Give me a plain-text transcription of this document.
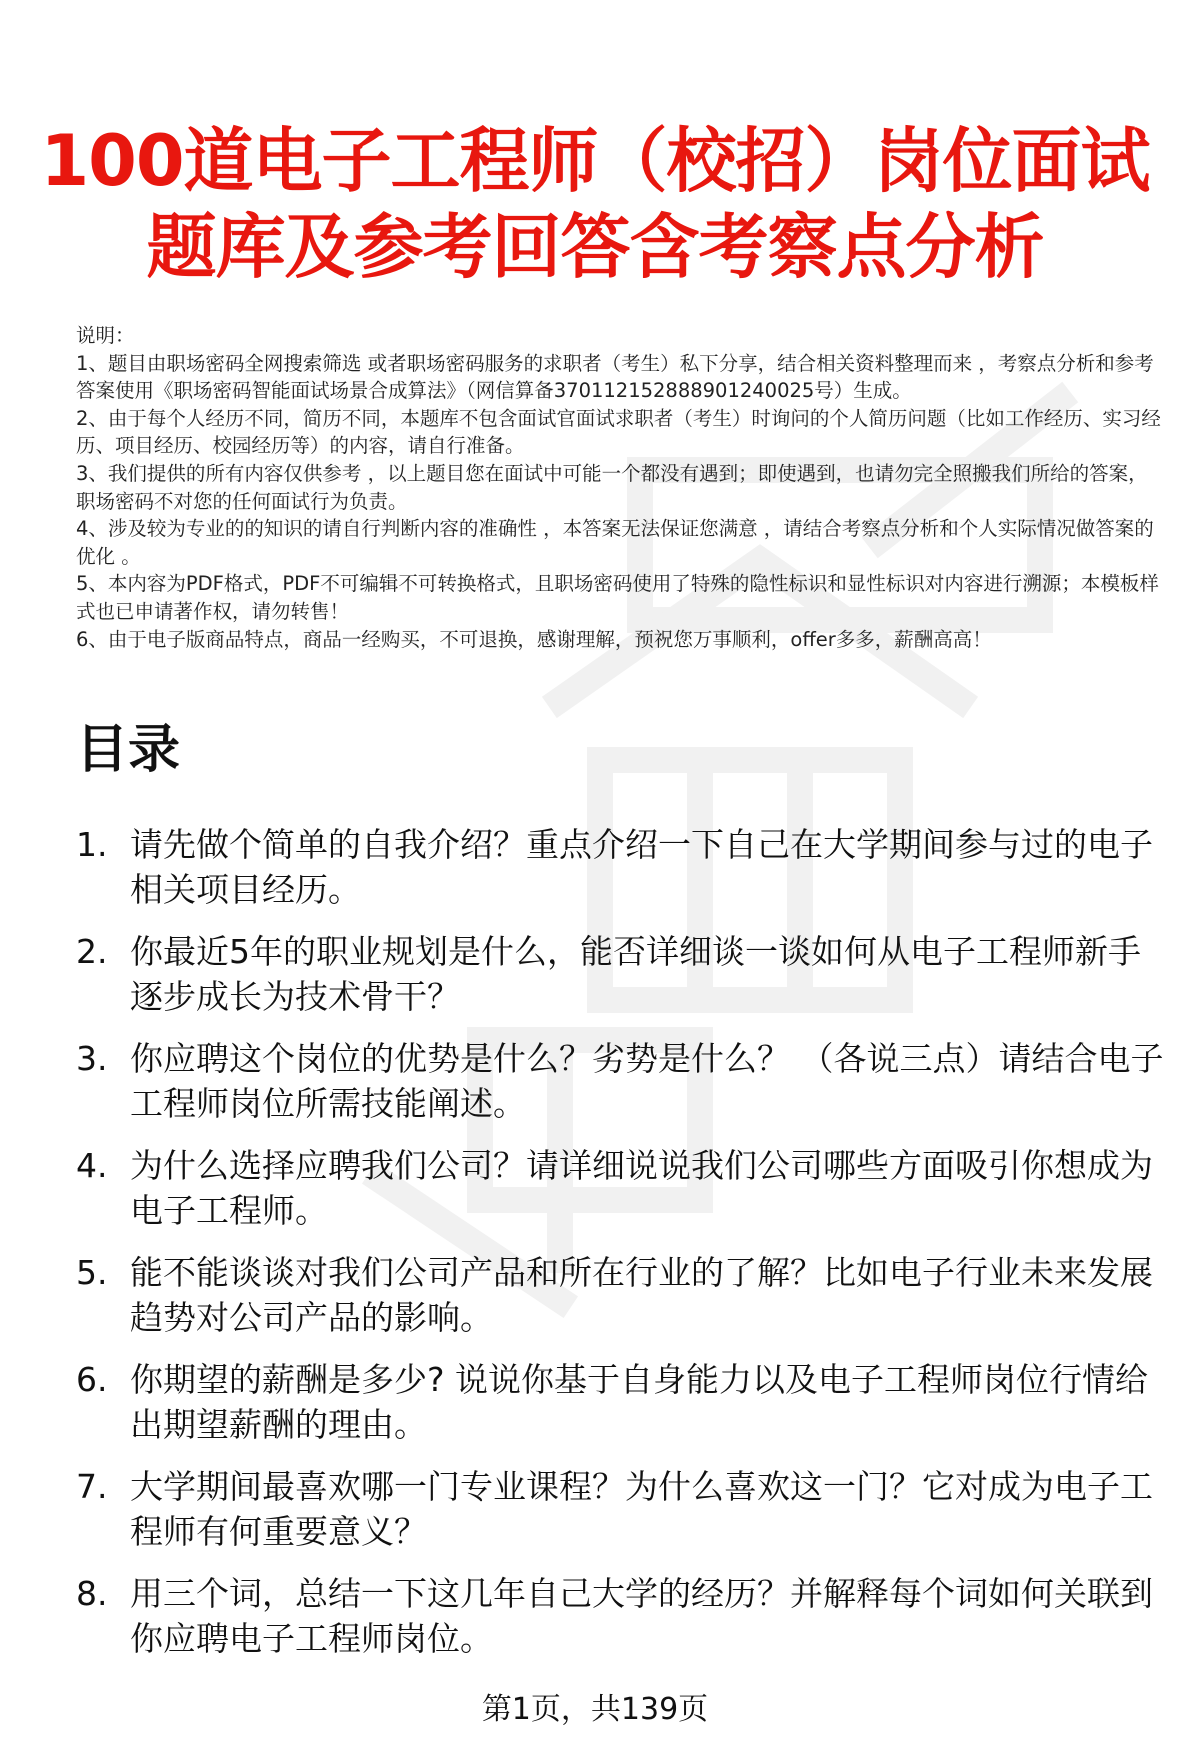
100道电子工程师（校招）岗位面试
题库及参考回答含考察点分析

说明：

1、题目由职场密码全网搜索筛选 或者职场密码服务的求职者（考生）私下分享，结合相关资料整理而来 ，考察点分析和参考答案使用《职场密码智能面试场景合成算法》（网信算备370112152888901240025号）生成。

2、由于每个人经历不同，简历不同，本题库不包含面试官面试求职者（考生）时询问的个人简历问题（比如工作经历、实习经历、项目经历、校园经历等）的内容，请自行准备。

3、我们提供的所有内容仅供参考 ，以上题目您在面试中可能一个都没有遇到；即使遇到，也请勿完全照搬我们所给的答案，职场密码不对您的任何面试行为负责。

4、涉及较为专业的的知识的请自行判断内容的准确性 ，本答案无法保证您满意 ，请结合考察点分析和个人实际情况做答案的优化 。

5、本内容为PDF格式，PDF不可编辑不可转换格式，且职场密码使用了特殊的隐性标识和显性标识对内容进行溯源；本模板样式也已申请著作权，请勿转售！

6、由于电子版商品特点，商品一经购买，不可退换，感谢理解，预祝您万事顺利，offer多多，薪酬高高！

目录
1. 请先做个简单的自我介绍？重点介绍一下自己在大学期间参与过的电子相关项目经历。
2. 你最近5年的职业规划是什么，能否详细谈一谈如何从电子工程师新手逐步成长为技术骨干？
3. 你应聘这个岗位的优势是什么？劣势是什么？ （各说三点）请结合电子工程师岗位所需技能阐述。
4. 为什么选择应聘我们公司？请详细说说我们公司哪些方面吸引你想成为电子工程师。
5. 能不能谈谈对我们公司产品和所在行业的了解？比如电子行业未来发展趋势对公司产品的影响。
6. 你期望的薪酬是多少? 说说你基于自身能力以及电子工程师岗位行情给出期望薪酬的理由。
7. 大学期间最喜欢哪一门专业课程？为什么喜欢这一门？它对成为电子工程师有何重要意义？
8. 用三个词，总结一下这几年自己大学的经历？并解释每个词如何关联到你应聘电子工程师岗位。
第1页，共139页
